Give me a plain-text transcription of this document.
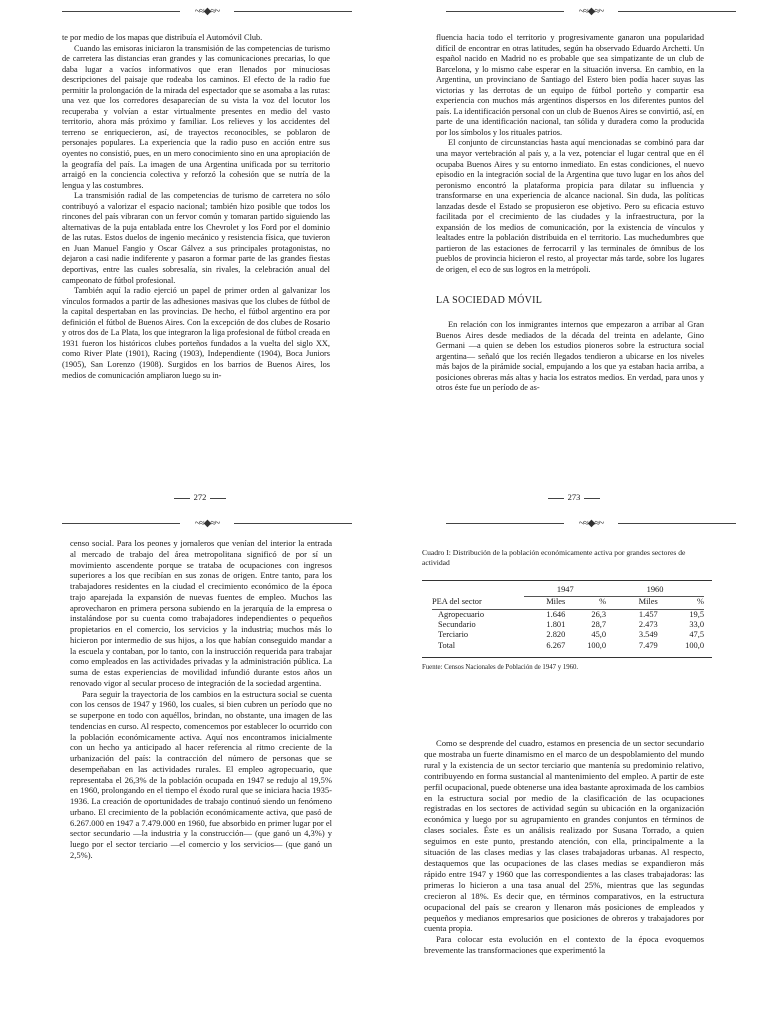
~≈◆≈~

te por medio de los mapas que distribuía el Automóvil Club.

Cuando las emisoras iniciaron la transmisión de las competencias de turismo de carretera las distancias eran grandes y las comunicaciones precarias, lo que daba lugar a vacíos informativos que eran llenados por minuciosas descripciones del paisaje que rodeaba los caminos. El efecto de la radio fue permitir la prolongación de la mirada del espectador que se asomaba a las rutas: una vez que los corredores desaparecían de su vista la voz del locutor los recuperaba y volvían a estar virtualmente presentes en medio del vasto territorio, ahora más próximo y familiar. Los relieves y los accidentes del terreno se enriquecieron, así, de trayectos reconocibles, se poblaron de personajes populares. La experiencia que la radio puso en acción entre sus oyentes no consistió, pues, en un mero conocimiento sino en una apropiación de la geografía del país. La imagen de una Argentina unificada por su territorio arraigó en la conciencia colectiva y reforzó la cohesión que se nutría de la lengua y las costumbres.

La transmisión radial de las competencias de turismo de carretera no sólo contribuyó a valorizar el espacio nacional; también hizo posible que todos los rincones del país vibraran con un fervor común y tomaran partido siguiendo las alternativas de la puja entablada entre los Chevrolet y los Ford por el dominio de las rutas. Estos duelos de ingenio mecánico y resistencia física, que tuvieron en Juan Manuel Fangio y Oscar Gálvez a sus principales protagonistas, no dejaron a casi nadie indiferente y pasaron a formar parte de las grandes fiestas deportivas, entre las cuales sobresalía, sin rivales, la celebración anual del campeonato de fútbol profesional.

También aquí la radio ejerció un papel de primer orden al galvanizar los vínculos formados a partir de las adhesiones masivas que los clubes de fútbol de la capital despertaban en las provincias. De hecho, el fútbol argentino era por definición el fútbol de Buenos Aires. Con la excepción de dos clubes de Rosario y otros dos de La Plata, los que integraron la liga profesional de fútbol creada en 1931 fueron los históricos clubes porteños fundados a la vuelta del siglo XX, como River Plate (1901), Racing (1903), Independiente (1904), Boca Juniors (1905), San Lorenzo (1908). Surgidos en los barrios de Buenos Aires, los medios de comunicación ampliaron luego su in-

272
~≈◆≈~

fluencia hacia todo el territorio y progresivamente ganaron una popularidad difícil de encontrar en otras latitudes, según ha observado Eduardo Archetti. Un español nacido en Madrid no es probable que sea simpatizante de un club de Barcelona, y lo mismo cabe esperar en la situación inversa. En cambio, en la Argentina, un provinciano de Santiago del Estero bien podía hacer suyas las victorias y las derrotas de un equipo de fútbol porteño y compartir esa experiencia con muchos más argentinos dispersos en los diferentes puntos del país. La identificación personal con un club de Buenos Aires se convirtió, así, en parte de una identificación nacional, tan sólida y duradera como la producida por los símbolos y los rituales patrios.

El conjunto de circunstancias hasta aquí mencionadas se combinó para dar una mayor vertebración al país y, a la vez, potenciar el lugar central que en él ocupaba Buenos Aires y su entorno inmediato. En estas condiciones, el nuevo episodio en la integración social de la Argentina que tuvo lugar en los años del peronismo encontró la plataforma propicia para dilatar su influencia y transformarse en una experiencia de alcance nacional. Sin duda, las políticas lanzadas desde el Estado se propusieron ese objetivo. Pero su eficacia estuvo facilitada por el crecimiento de las ciudades y la infraestructura, por la expansión de los medios de comunicación, por la existencia de vínculos y lealtades entre la población distribuida en el territorio. Las muchedumbres que partieron de las estaciones de ferrocarril y las terminales de ómnibus de los pueblos de provincia hicieron el resto, al proyectar más tarde, sobre los lugares de origen, el eco de sus logros en la metrópoli.

LA SOCIEDAD MÓVIL

En relación con los inmigrantes internos que empezaron a arribar al Gran Buenos Aires desde mediados de la década del treinta en adelante, Gino Germani —a quien se deben los estudios pioneros sobre la estructura social argentina— señaló que los recién llegados tendieron a ubicarse en los niveles más bajos de la pirámide social, empujando a los que ya estaban hacia arriba, a posiciones obreras más altas y hacia los estratos medios. En verdad, para unos y otros éste fue un período de as-

273
~≈◆≈~

censo social. Para los peones y jornaleros que venían del interior la entrada al mercado de trabajo del área metropolitana significó de por sí un movimiento ascendente porque se trataba de ocupaciones con ingresos superiores a los que recibían en sus zonas de origen. Entre tanto, para los trabajadores residentes en la ciudad el crecimiento económico de la época trajo aparejada la expansión de nuevas fuentes de empleo. Muchos las aprovecharon en primera persona subiendo en la jerarquía de la empresa o instalándose por su cuenta como trabajadores independientes o pequeños propietarios en el comercio, los servicios y la industria; muchos más lo hicieron por intermedio de sus hijos, a los que habían conseguido mandar a la escuela y contaban, por lo tanto, con la instrucción requerida para trabajar como empleados en las actividades privadas y la administración pública. La suma de estas experiencias de movilidad infundió durante estos años un renovado vigor al secular proceso de integración de la sociedad argentina.

Para seguir la trayectoria de los cambios en la estructura social se cuenta con los censos de 1947 y 1960, los cuales, si bien cubren un período que no se superpone en todo con aquéllos, brindan, no obstante, una imagen de las tendencias en curso. Al respecto, comencemos por establecer lo ocurrido con la población económicamente activa. Aquí nos encontramos inicialmente con un hecho ya anticipado al hacer referencia al ritmo creciente de la urbanización del país: la contracción del número de personas que se desempeñaban en las actividades rurales. El empleo agropecuario, que representaba el 26,3% de la población ocupada en 1947 se redujo al 19,5% en 1960, prolongando en el tiempo el éxodo rural que se iniciara hacia 1935-1936. La creación de oportunidades de trabajo continuó siendo un fenómeno urbano. El crecimiento de la población económicamente activa, que pasó de 6.267.000 en 1947 a 7.479.000 en 1960, fue absorbido en primer lugar por el sector secundario —la industria y la construcción— (que ganó un 4,3%) y luego por el sector terciario —el comercio y los servicios— (que ganó un 2,5%).

~≈◆≈~
Cuadro I: Distribución de la población económicamente activa por grandes sectores de actividad
	1947		1960	
PEA del sector	Miles	%	Miles	%
Agropecuario	1.646	26,3	1.457	19,5
Secundario	1.801	28,7	2.473	33,0
Terciario	2.820	45,0	3.549	47,5
Total	6.267	100,0	7.479	100,0
Fuente: Censos Nacionales de Población de 1947 y 1960.

Como se desprende del cuadro, estamos en presencia de un sector secundario que mostraba un fuerte dinamismo en el marco de un despoblamiento del mundo rural y la existencia de un sector terciario que mantenía su predominio relativo, contribuyendo en forma sustancial al mantenimiento del empleo. A partir de este perfil ocupacional, puede obtenerse una idea bastante aproximada de los cambios en la estructura social por medio de la clasificación de las ocupaciones registradas en los sectores de actividad según su ubicación en la organización económica y luego por su agrupamiento en grandes conjuntos en términos de clases sociales. Éste es un análisis realizado por Susana Torrado, a quien seguimos en este punto, prestando atención, con ella, principalmente a la situación de las clases medias y las clases trabajadoras urbanas. Al respecto, destaquemos que las ocupaciones de las clases medias se expandieron más rápido entre 1947 y 1960 que las correspondientes a las clases trabajadoras: las primeras lo hicieron a una tasa anual del 25%, mientras que las segundas crecieron al 18%. Es decir que, en términos comparativos, en la estructura ocupacional del país se crearon y llenaron más posiciones de empleados y pequeños y medianos empresarios que posiciones de obreros y trabajadores por cuenta propia.

Para colocar esta evolución en el contexto de la época evoquemos brevemente las transformaciones que experimentó la
